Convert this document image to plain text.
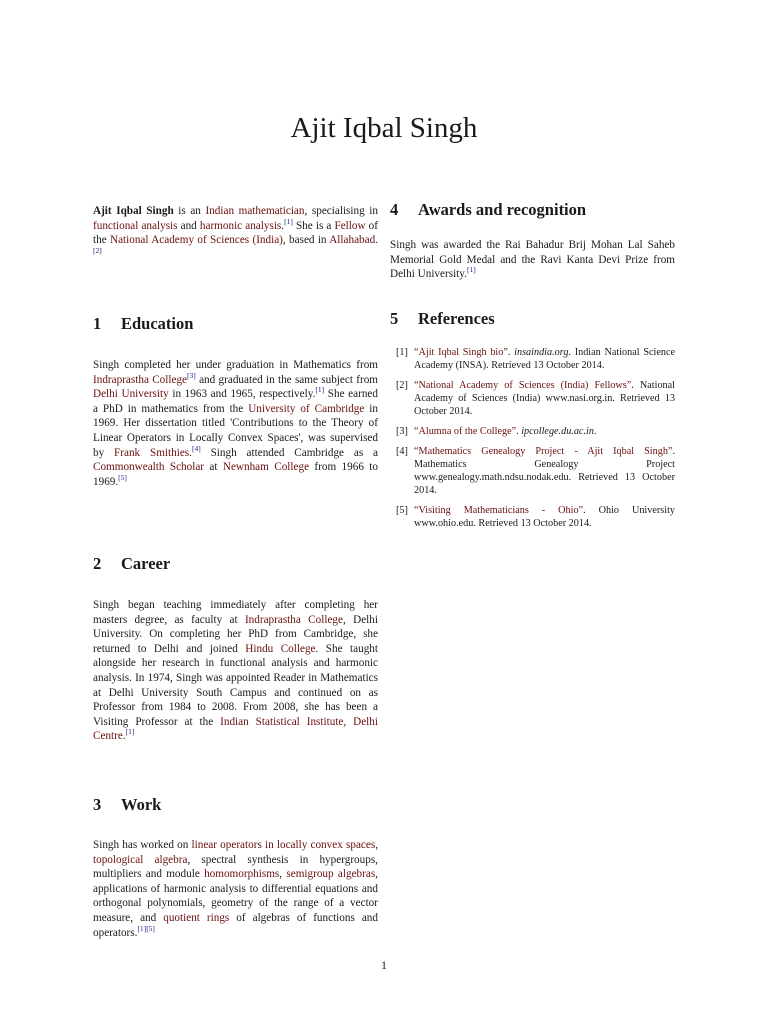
Ajit Iqbal Singh

Ajit Iqbal Singh is an Indian mathematician, specialising in functional analysis and harmonic analysis.[1] She is a Fellow of the National Academy of Sciences (India), based in Allahabad.[2]

1 Education

Singh completed her under graduation in Mathematics from Indraprastha College[3] and graduated in the same subject from Delhi University in 1963 and 1965, respectively.[1] She earned a PhD in mathematics from the University of Cambridge in 1969. Her dissertation titled 'Contributions to the Theory of Linear Operators in Locally Convex Spaces', was supervised by Frank Smithies.[4] Singh attended Cambridge as a Commonwealth Scholar at Newnham College from 1966 to 1969.[5]

2 Career

Singh began teaching immediately after completing her masters degree, as faculty at Indraprastha College, Delhi University. On completing her PhD from Cambridge, she returned to Delhi and joined Hindu College. She taught alongside her research in functional analysis and harmonic analysis. In 1974, Singh was appointed Reader in Mathematics at Delhi University South Campus and continued on as Professor from 1984 to 2008. From 2008, she has been a Visiting Professor at the Indian Statistical Institute, Delhi Centre.[1]

3 Work

Singh has worked on linear operators in locally convex spaces, topological algebra, spectral synthesis in hypergroups, multipliers and module homomorphisms, semigroup algebras, applications of harmonic analysis to differential equations and orthogonal polynomials, geometry of the range of a vector measure, and quotient rings of algebras of functions and operators.[1][5]

4 Awards and recognition

Singh was awarded the Rai Bahadur Brij Mohan Lal Saheb Memorial Gold Medal and the Ravi Kanta Devi Prize from Delhi University.[1]

5 References
[1] “Ajit Iqbal Singh bio”. insaindia.org. Indian National Science Academy (INSA). Retrieved 13 October 2014.
[2] “National Academy of Sciences (India) Fellows”. National Academy of Sciences (India) www.nasi.org.in. Retrieved 13 October 2014.
[3] “Alumna of the College”. ipcollege.du.ac.in.
[4] “Mathematics Genealogy Project - Ajit Iqbal Singh”. Mathematics Genealogy Project www.genealogy.math.ndsu.nodak.edu. Retrieved 13 October 2014.
[5] “Visiting Mathematicians - Ohio”. Ohio University www.ohio.edu. Retrieved 13 October 2014.
1
